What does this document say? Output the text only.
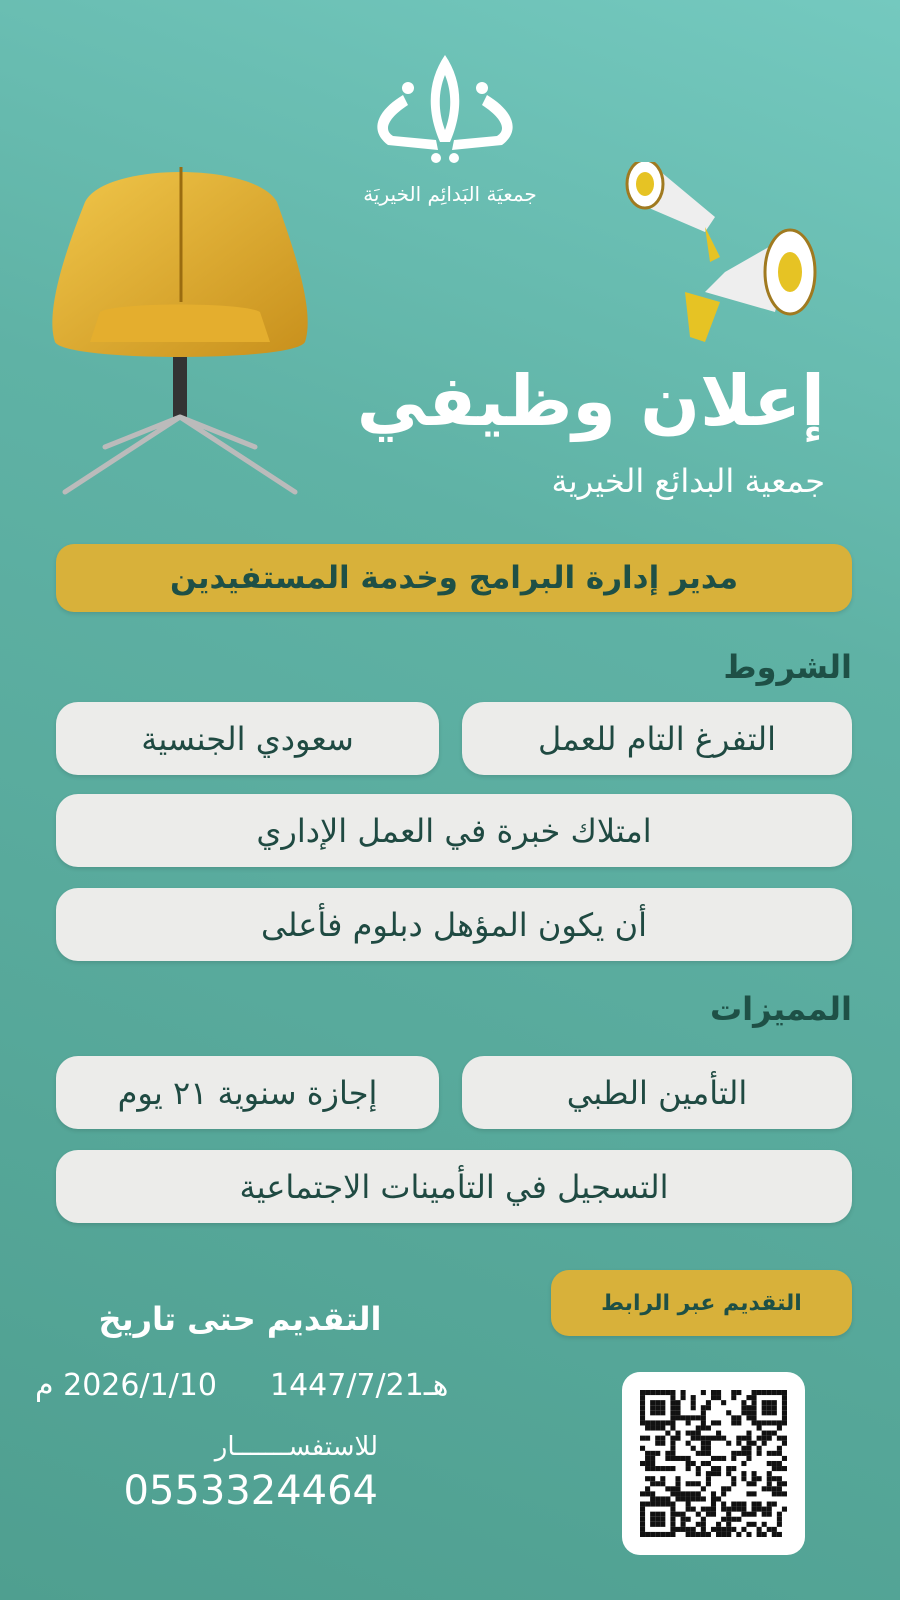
جمعيَة البَدائِم الخيريَة
إعلان وظيفي
جمعية البدائع الخيرية
مدير إدارة البرامج وخدمة المستفيدين
الشروط
التفرغ التام للعمل
سعودي الجنسية
امتلاك خبرة في العمل الإداري
أن يكون المؤهل دبلوم فأعلى
المميزات
التأمين الطبي
إجازة سنوية ٢١ يوم
التسجيل في التأمينات الاجتماعية
التقديم عبر الرابط
التقديم حتى تاريخ
1447/7/21هـ
2026/1/10 م
للاستفســـــــار
0553324464
